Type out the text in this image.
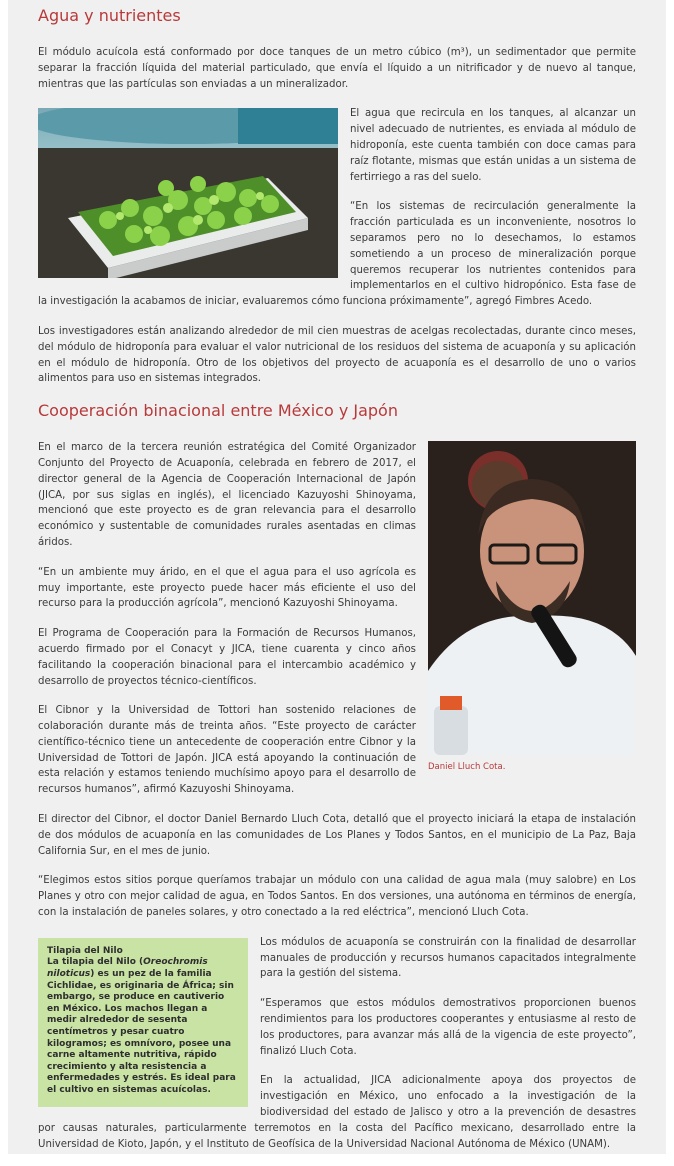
Agua y nutrientes

El módulo acuícola está conformado por doce tanques de un metro cúbico (m³), un sedimentador que permite separar la fracción líquida del material particulado, que envía el líquido a un nitrificador y de nuevo al tanque, mientras que las partículas son enviadas a un mineralizador.

El agua que recircula en los tanques, al alcanzar un nivel adecuado de nutrientes, es enviada al módulo de hidroponía, este cuenta también con doce camas para raíz flotante, mismas que están unidas a un sistema de fertirriego a ras del suelo.

“En los sistemas de recirculación generalmente la fracción particulada es un inconveniente, nosotros lo separamos pero no lo desechamos, lo estamos sometiendo a un proceso de mineralización porque queremos recuperar los nutrientes contenidos para implementarlos en el cultivo hidropónico. Esta fase de la investigación la acabamos de iniciar, evaluaremos cómo funciona próximamente”, agregó Fimbres Acedo.

Los investigadores están analizando alrededor de mil cien muestras de acelgas recolectadas, durante cinco meses, del módulo de hidroponía para evaluar el valor nutricional de los residuos del sistema de acuaponía y su aplicación en el módulo de hidroponía. Otro de los objetivos del proyecto de acuaponía es el desarrollo de uno o varios alimentos para uso en sistemas integrados.

Cooperación binacional entre México y Japón
Daniel Lluch Cota.

En el marco de la tercera reunión estratégica del Comité Organizador Conjunto del Proyecto de Acuaponía, celebrada en febrero de 2017, el director general de la Agencia de Cooperación Internacional de Japón (JICA, por sus siglas en inglés), el licenciado Kazuyoshi Shinoyama, mencionó que este proyecto es de gran relevancia para el desarrollo económico y sustentable de comunidades rurales asentadas en climas áridos.

“En un ambiente muy árido, en el que el agua para el uso agrícola es muy importante, este proyecto puede hacer más eficiente el uso del recurso para la producción agrícola”, mencionó Kazuyoshi Shinoyama.

El Programa de Cooperación para la Formación de Recursos Humanos, acuerdo firmado por el Conacyt y JICA, tiene cuarenta y cinco años facilitando la cooperación binacional para el intercambio académico y desarrollo de proyectos técnico-científicos.

El Cibnor y la Universidad de Tottori han sostenido relaciones de colaboración durante más de treinta años. “Este proyecto de carácter científico-técnico tiene un antecedente de cooperación entre Cibnor y la Universidad de Tottori de Japón. JICA está apoyando la continuación de esta relación y estamos teniendo muchísimo apoyo para el desarrollo de recursos humanos”, afirmó Kazuyoshi Shinoyama.

El director del Cibnor, el doctor Daniel Bernardo Lluch Cota, detalló que el proyecto iniciará la etapa de instalación de dos módulos de acuaponía en las comunidades de Los Planes y Todos Santos, en el municipio de La Paz, Baja California Sur, en el mes de junio.

“Elegimos estos sitios porque queríamos trabajar un módulo con una calidad de agua mala (muy salobre) en Los Planes y otro con mejor calidad de agua, en Todos Santos. En dos versiones, una autónoma en términos de energía, con la instalación de paneles solares, y otro conectado a la red eléctrica”, mencionó Lluch Cota.

Tilapia del Nilo
La tilapia del Nilo (Oreochromis niloticus) es un pez de la familia Cichlidae, es originaria de África; sin embargo, se produce en cautiverio en México. Los machos llegan a medir alrededor de sesenta centímetros y pesar cuatro kilogramos; es omnívoro, posee una carne altamente nutritiva, rápido crecimiento y alta resistencia a enfermedades y estrés. Es ideal para el cultivo en sistemas acuícolas.

Los módulos de acuaponía se construirán con la finalidad de desarrollar manuales de producción y recursos humanos capacitados integralmente para la gestión del sistema.

“Esperamos que estos módulos demostrativos proporcionen buenos rendimientos para los productores cooperantes y entusiasme al resto de los productores, para avanzar más allá de la vigencia de este proyecto”, finalizó Lluch Cota.

En la actualidad, JICA adicionalmente apoya dos proyectos de investigación en México, uno enfocado a la investigación de la biodiversidad del estado de Jalisco y otro a la prevención de desastres por causas naturales, particularmente terremotos en la costa del Pacífico mexicano, desarrollado entre la Universidad de Kioto, Japón, y el Instituto de Geofísica de la Universidad Nacional Autónoma de México (UNAM).
